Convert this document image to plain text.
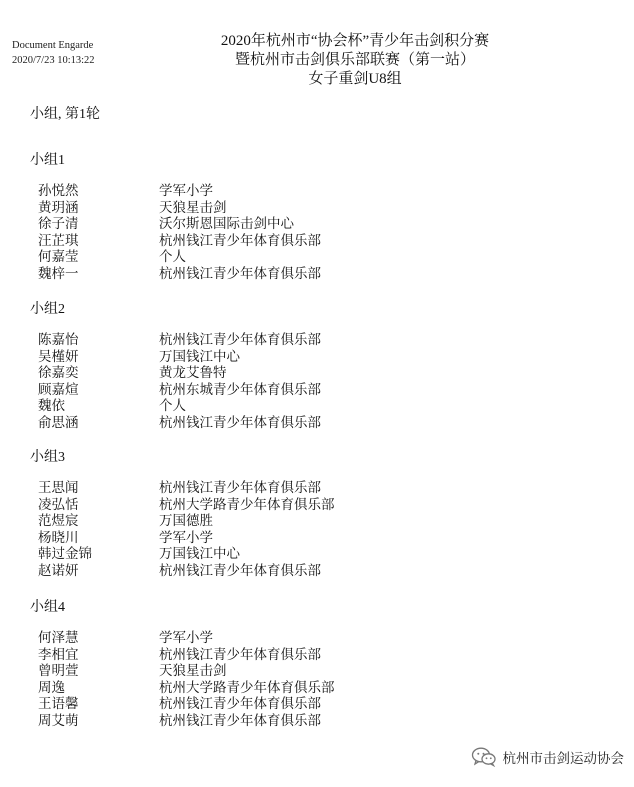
Document Engarde
2020/7/23 10:13:22
2020年杭州市“协会杯”青少年击剑积分赛
暨杭州市击剑俱乐部联赛（第一站）
女子重剑U8组
小组, 第1轮
小组1
孙悦然	学军小学
黄玥涵	天狼星击剑
徐子清	沃尔斯恩国际击剑中心
汪芷琪	杭州钱江青少年体育俱乐部
何嘉莹	个人
魏梓一	杭州钱江青少年体育俱乐部
小组2
陈嘉怡	杭州钱江青少年体育俱乐部
吴槿妍	万国钱江中心
徐嘉奕	黄龙艾鲁特
顾嘉煊	杭州东城青少年体育俱乐部
魏依	个人
俞思涵	杭州钱江青少年体育俱乐部
小组3
王思闻	杭州钱江青少年体育俱乐部
凌弘恬	杭州大学路青少年体育俱乐部
范煜宸	万国德胜
杨晓川	学军小学
韩过金锦	万国钱江中心
赵诺妍	杭州钱江青少年体育俱乐部
小组4
何泽慧	学军小学
李相宜	杭州钱江青少年体育俱乐部
曾明萱	天狼星击剑
周逸	杭州大学路青少年体育俱乐部
王语馨	杭州钱江青少年体育俱乐部
周艾萌	杭州钱江青少年体育俱乐部
杭州市击剑运动协会
